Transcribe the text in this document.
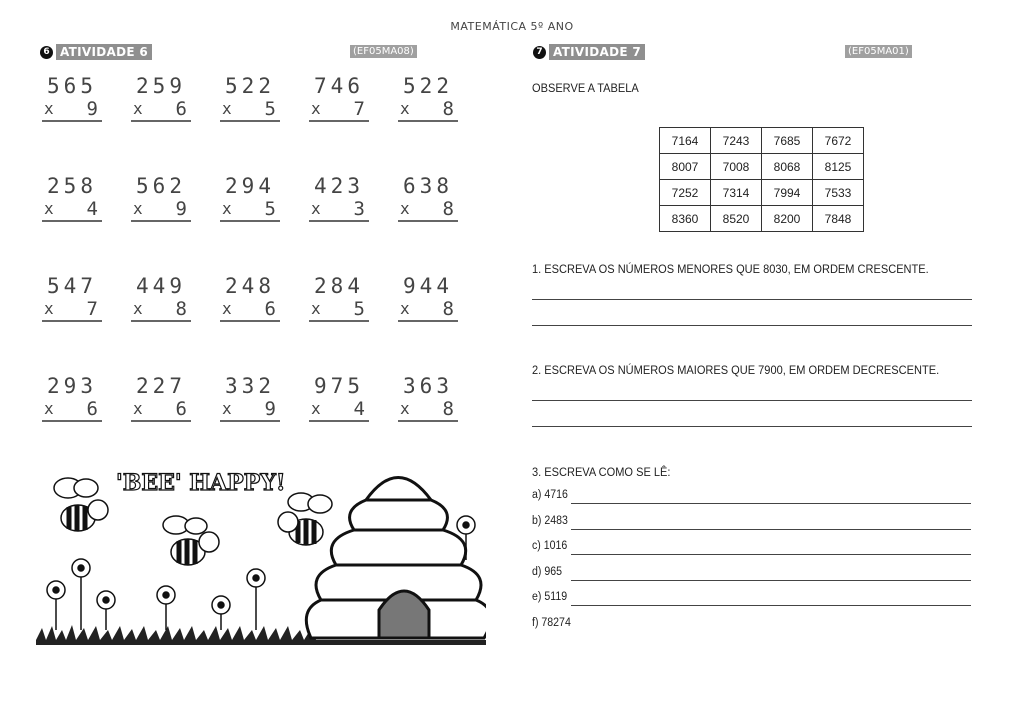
MATEMÁTICA 5º ANO
6 ATIVIDADE 6	(EF05MA08)
565
x 9
259
x 6
522
x 5
746
x 7
522
x 8
258
x 4
562
x 9
294
x 5
423
x 3
638
x 8
547
x 7
449
x 8
248
x 6
284
x 5
944
x 8
293
x 6
227
x 6
332
x 9
975
x 4
363
x 8
'BEE' HAPPY!
7 ATIVIDADE 7	(EF05MA01)
OBSERVE A TABELA
7164	7243	7685	7672
8007	7008	8068	8125
7252	7314	7994	7533
8360	8520	8200	7848
1. ESCREVA OS NÚMEROS MENORES QUE 8030, EM ORDEM CRESCENTE.
2. ESCREVA OS NÚMEROS MAIORES QUE 7900, EM ORDEM DECRESCENTE.
3. ESCREVA COMO SE LÊ:
a) 4716
b) 2483
c) 1016
d) 965
e) 5119
f) 78274
